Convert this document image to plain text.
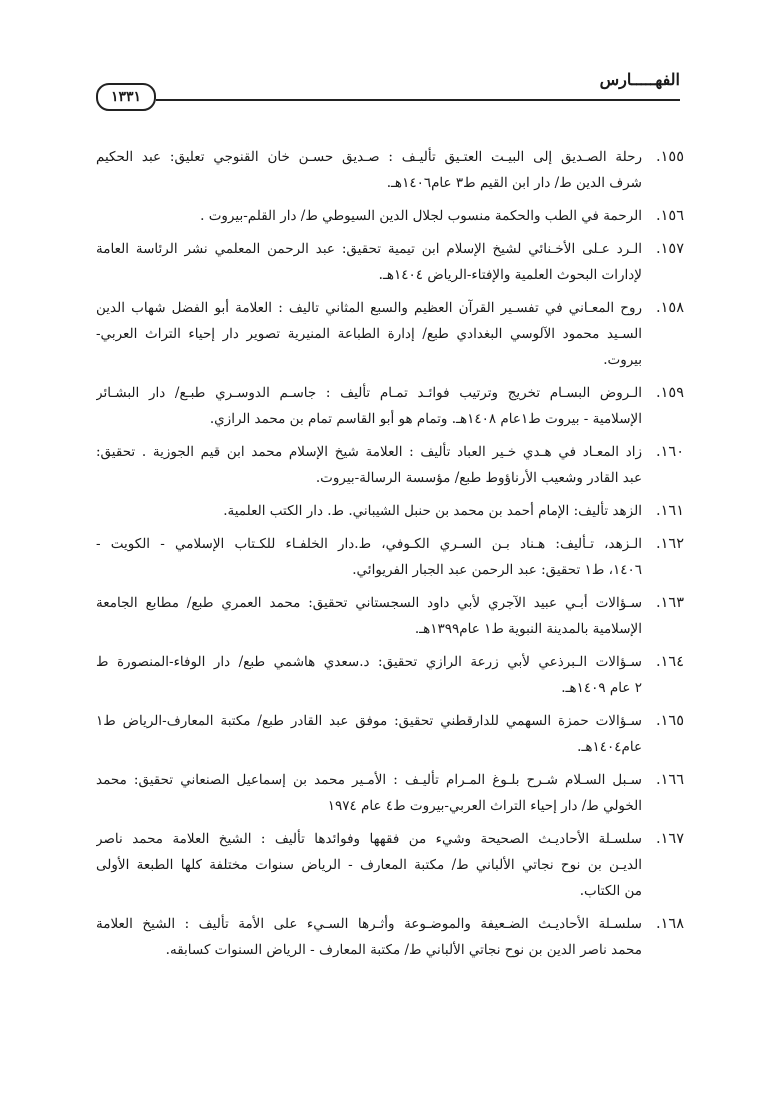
الفهـــــارس
١٣٣١
١٥٥.
رحلة الصـديق إلى البيـت العتـيق تأليـف : صـديق حسـن خان القنوجي تعليق: عبد الحكيم
شرف الدين ط/ دار ابن القيم ط٣ عام١٤٠٦هـ.
١٥٦.
الرحمة في الطب والحكمة منسوب لجلال الدين السيوطي ط/ دار القلم-بيروت .
١٥٧.
الـرد عـلى الأخـنائي لشيخ الإسلام ابن تيمية تحقيق: عبد الرحمن المعلمي نشر الرئاسة العامة
لإدارات البحوث العلمية والإفتاء-الرياض ١٤٠٤هـ.
١٥٨.
روح المعـاني في تفسـير القرآن العظيم والسبع المثاني تاليف : العلامة أبو الفضل شهاب الدين
السـيد محمود الآلوسي البغدادي طبع/ إدارة الطباعة المنيرية تصوير دار إحياء التراث العربي-
بيروت.
١٥٩.
الـروض البسـام تخريج وترتيب فوائـد تمـام تأليف : جاسـم الدوسـري طبـع/ دار البشـائر
الإسلامية - بيروت ط١عام ١٤٠٨هـ. وتمام هو أبو القاسم تمام بن محمد الرازي.
١٦٠.
زاد المعـاد في هـدي خـير العباد تأليف : العلامة شيخ الإسلام محمد ابن قيم الجوزية . تحقيق:
عبد القادر وشعيب الأرناؤوط طبع/ مؤسسة الرسالة-بيروت.
١٦١.
الزهد تأليف: الإمام أحمد بن محمد بن حنبل الشيباني. ط. دار الكتب العلمية.
١٦٢.
الـزهد، تـأليف: هـناد بـن السـري الكـوفي، ط.دار الخلفـاء للكـتاب الإسلامي - الكويت -
١٤٠٦، ط١ تحقيق: عبد الرحمن عبد الجبار الفريوائي.
١٦٣.
سـؤالات أبـي عبيد الآجري لأبي داود السجستاني تحقيق: محمد العمري طبع/ مطابع الجامعة
الإسلامية بالمدينة النبوية ط١ عام١٣٩٩هـ.
١٦٤.
سـؤالات الـبرذعي لأبي زرعة الرازي تحقيق: د.سعدي هاشمي طبع/ دار الوفاء-المنصورة ط
٢ عام ١٤٠٩هـ.
١٦٥.
سـؤالات حمزة السهمي للدارقطني تحقيق: موفق عبد القادر طبع/ مكتبة المعارف-الرياض ط١
عام١٤٠٤هـ.
١٦٦.
سـبل السـلام شـرح بلـوغ المـرام تأليـف : الأمـير محمد بن إسماعيل الصنعاني تحقيق: محمد
الخولي ط/ دار إحياء التراث العربي-بيروت ط٤ عام ١٩٧٤
١٦٧.
سلسـلة الأحاديـث الصحيحة وشيء من فقهها وفوائدها تأليف : الشيخ العلامة محمد ناصر
الديـن بن نوح نجاتي الألباني ط/ مكتبة المعارف - الرياض سنوات مختلفة كلها الطبعة الأولى
من الكتاب.
١٦٨.
سلسـلة الأحاديـث الضـعيفة والموضـوعة وأثـرها السـيء على الأمة تأليف : الشيخ العلامة
محمد ناصر الدين بن نوح نجاتي الألباني ط/ مكتبة المعارف - الرياض السنوات كسابقه.
